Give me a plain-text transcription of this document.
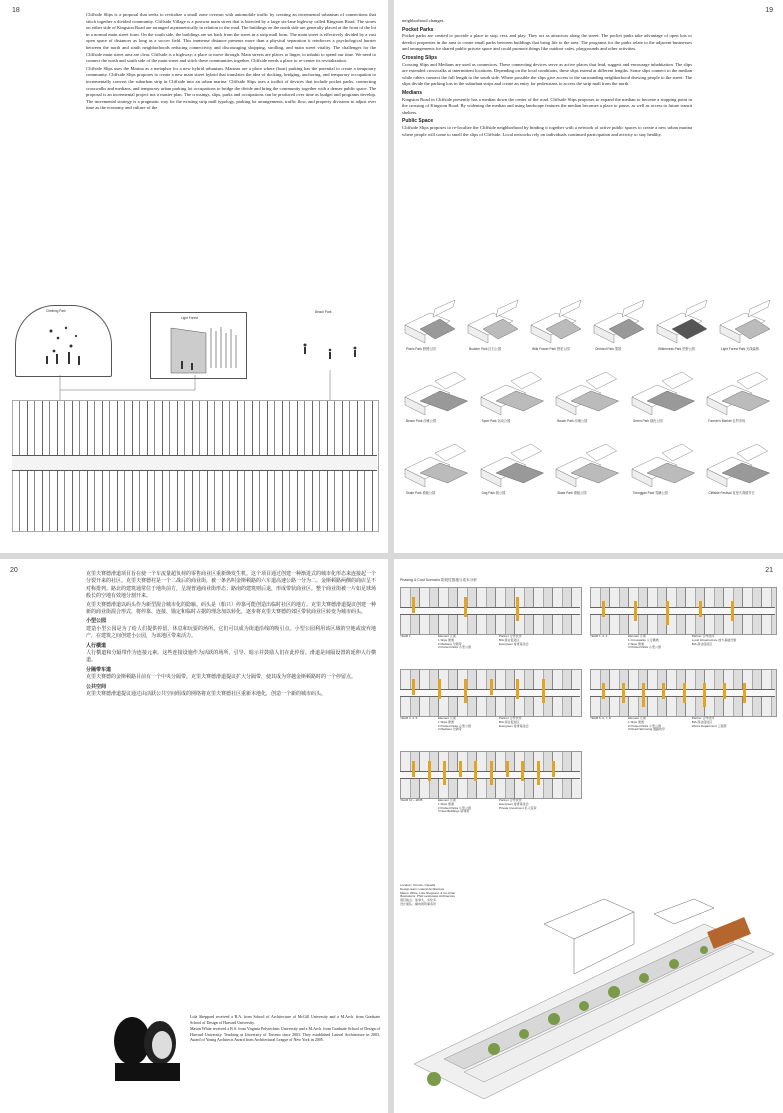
18

Cliffside Slips is a proposal that seeks to revitalize a small zone overrun with automobile traffic by creating an incremental urbanism of connections that stitch together a divided community. Cliffside Village is a postwar main street that is bisected by a large six-lane highway called Kingston Road. The stores on either side of Kingston Road are arranged asymmetrically in relation to the road. The buildings on the north side are generally placed at the front of the lot in a normal main street form. On the south side, the buildings are set back from the street in a strip mall form. The main street is effectively divided by a vast open space of distances as long as a soccer field. This immense distance presents more than a physical separation it reinforces a psychological barrier between the north and south neighborhoods reducing connectivity and discouraging shopping, strolling, and main street vitality. The challenges for the Cliffside main street area are clear. Cliffside is a highway; a place to move through. Main streets are places to linger, to inhabit to spend our time. We need to connect the north and south side of the main street and stitch these communities together. Cliffside needs a place to re-center its revitalization.

Cliffside Slips uses the Marina as a metaphor for a new hybrid urbanism. Marinas are a place where (boat) parking has the potential to create a temporary community. Cliffside Slips proposes to create a new main street hybrid that translates the idea of docking, bridging, anchoring, and temporary occupation to incrementally convert the suburban strip in Cliffside into an urban marina. Cliffside Slips uses a toolkit of devices that include pocket parks, connecting crosswalks and medians, and temporary urban parking lot occupations to bridge the divide and bring the community together with a denser public space. The proposal is an incremental project not a master plan. The crossings, slips, parks and occupations can be produced over time as budget and programs develop. The incremental strategy is a pragmatic way for the existing strip mall typology, parking lot arrangements, traffic flow, and property divisions to adjust over time as the economy and culture of the

Climbing Park
Light Forest
Beach Park
19

neighborhood changes.

Pocket Parks

Pocket parks are created to provide a place to stop, rest, and play. They act as attractors along the street. The pocket parks take advantage of open lots or derelict properties in the area to create small parks between buildings that bring life to the area. The programs for the parks relate to the adjacent businesses and arrangements for shared public private space and could promote things like outdoor cafes, playgrounds and other activities.

Crossing Slips

Crossing Slips and Medians are used as connectors. These connecting devices serve as active places that lead, suggest and encourage inhabitation. The slips are extended crosswalks at intermittent locations. Depending on the local conditions, these slips extend at different lengths. Some slips connect to the median while others connect the full length to the south side. Where possible the slips give access to the surrounding neighborhood drawing people to the street. The slips divide the parking lots in the suburban strips and create an entry for pedestrians to access the strip mall from the north.

Medians

Kingston Road in Cliffside presently has a median down the center of the road. Cliffside Slips proposes to expand the median to become a stopping point in the crossing of Kingston Road. By widening the median and using landscape features the median becomes a place to pause, as well as access to future transit shelters.

Public Space

Cliffside Slips proposes to re-localize the Cliffside neighborhood by binding it together with a network of active public spaces to create a new urban marina where people will come to smell the slips of Cliffside. Local networks rely on individuals continued participation and activity to stay healthy.

Picnic Park 野餐公园	Boulder Park 巨石公园	Wild Flower Park 野花公园	Orchard Park 果园	Wilderness Park 荒野公园	Light Forest Park 光线森林
Beach Park 沙滩公园	Sport Park 运动公园	Beach Park 沙滩公园	Green Park 绿色公园	Farmer's Market 农贸市场
Skate Park 滑板公园	Dog Park 狗公园	Skate Park 滑板公园	Toboggan Park 雪橇公园	Cliffside Festival 克里夫赛德节日
20

克里夫赛德滑道项目旨在使一个车流量超负荷的零售商业区重新焕发生机。这个项目通过创建一种渐进式的城市化形态来连接起一个分裂开来的社区。克里夫赛德村是一个二战后的商业街，被一条名叫金斯顿路的六车道高速公路一分为二。金斯顿路两侧的商店呈不对称排列。路北的建筑通常位于地块前方，呈现普通商业街形态；路南的建筑则后退，形成带状商业区。整个商业街被一片如足球场般长的空地有效地分割开来。

克里夫赛德滑道以码头作为新型混合城市化的隐喻。码头是（船只）停靠可能创造出临时社区的地方。克里夫赛德滑道提议创建一种新的商业街混合形式，将停靠、连接、锚定和临时占据的理念加以转化，逐步将克里夫赛德的郊区带状商业区转变为城市码头。

小型公园

建造小型公园是为了给人们提供停留、休息和玩耍的场所。它们可以成为街道沿线的吸引点。小型公园利用该区域的空地或废弃地产，在建筑之间创建小公园，为该地区带来活力。

人行横道

人行横道和分隔带作为连接元素。这些连接设施作为活跃的场所，引导、暗示并鼓励人们在此停留。滑道是间隔设置的延伸人行横道。

分隔带车道

克里夫赛德的金斯顿路目前有一个中央分隔带。克里夫赛德滑道提议扩大分隔带，使其成为穿越金斯顿路时的一个停留点。

公共空间

克里夫赛德滑道提议通过由活跃公共空间组成的网络将克里夫赛德社区重新本地化，创造一个新的城市码头。

Lola Sheppard received a B.A. from School of Architecture of McGill University and a M.Arch. from Graduate School of Design of Harvard University.

Mason White received a B.S. from Virginia Polytechnic University and a M.Arch. from Graduate School of Design of Harvard University. Teaching at University of Toronto since 2003. They established Lateral Architecture in 2003. Award of Young Architects Award from Architectural League of New York in 2005.

21
Phasing & Cost Scenario 阶段性措施与成本分析
YEAR 1	Element 元素
1 Slips 滑道
2 Medians 分隔带
3 Pocket Parks 小型公园
Partner 合作伙伴
BIA 商业促进区
Evergreen 常青基金会
YEAR 1, 2, 3	Element 元素
1 Crosswalks 人行横道
2 Slips 滑道
3 Pocket Parks 小型公园
Partner 合作伙伴
Local Infrastructure 地方基础设施
BIA 商业促进区
YEAR 3, 4, 5	Element 元素
1 Slips 滑道
2 Pocket Parks 小型公园
3 Medians 分隔带
Partner 合作伙伴
BIA 商业促进区
Evergreen 常青基金会
YEAR 5, 6, 7, 8	Element 元素
1 Slips 滑道
2 Pocket Parks 小型公园
3 Road Narrowing 道路收窄
Partner 合作伙伴
BIA 商业促进区
Works Department 工程部
YEAR 10 ~ 2035	Element 元素
1 Slips 滑道
2 Pocket Parks 小型公园
3 New Buildings 新建筑
Partner 合作伙伴
Evergreen 常青基金会
Private Investment 私人投资
Location: Toronto, Canada
Design team: Lateral Architecture
Mason White, Lola Sheppard, & Co-Chan
Illustrations: PNA Landscape Architecture
项目地点：加拿大，多伦多
设计团队：横向建筑事务所
